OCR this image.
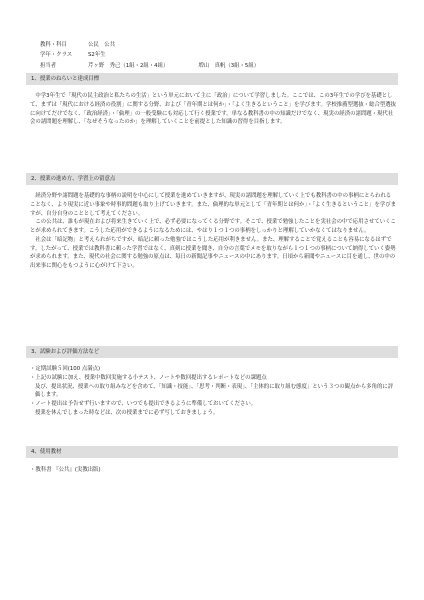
教科・科目	公民　公共
学年・クラス	S2年生
担当者	芹ヶ野　秀己（1組・2組・4組）	増山　真帆（3組・5組）
1、授業のねらいと達成目標

中学3年生で「現代の民主政治と私たちの生活」という単元において主に「政治」について学習しました。ここでは、この3年生での学びを基礎として、まずは「現代における経済の役割」に関する分野、および「青年期とは何か」・「よく生きるということ」を学びます。学校推薦型選抜・総合型選抜に向けてだけでなく、「政治経済」・「倫理」の一般受験にも対応して行く授業です。単なる教科書の中の知識だけでなく、現実の経済の諸問題・現代社会の諸問題を理解し、「なぜそうなったのか」を理解していくことを前提とした知識の習得を目指します。

2、授業の進め方、学習上の留意点

経済分野や諸問題を基礎的な事柄の説明を中心にして授業を進めていきますが、現実の諸問題を理解していく上でも教科書の中の事柄にとらわれることなく、より現実に近い事象や時事的問題も取り上げていきます。また、倫理的な単元として「青年期とは何か」・「よく生きるということ」を学びますが、自分自身のこととして考えてください。

この公共は、誰もが現在および将来生きていく上で、必ず必要になってくる分野です。そこで、授業で勉強したことを実社会の中で応用させていくことが求められてきます。こうした応用ができるようになるためには、やはり１つ１つの事柄をしっかりと理解していかなくてはなりません。

社会は「暗記物」と考えられがちですが、暗記に頼った勉強ではこうした応用が利きません。また、理解することで覚えることも容易になるはずです。したがって、授業では教科書に頼った学習ではなく、真剣に授業を聞き、自分の言葉でメモを取りながら１つ１つの事柄について納得していく姿勢が求められます。また、現代の社会に関する勉強の原点は、毎日の新聞記事やニュースの中にあります。日頃から新聞やニュースに目を通し、世の中の出来事に関心をもつように心がけて下さい。

3、試験および評価方法など
・定期試験５回(100 点満点)
・上記の試験に加え、授業中数回実施する小テスト、ノートや数回提出するレポートなどの課題点
及び、提出状況、授業への取り組みなどを含めて、「知識・技能」、「思考・判断・表現」、「主体的に取り組む態度」という３つの観点から多角的に評価します。
・ノート提出は予告せず行いますので、いつでも提出できるように準備しておいてください。
授業を休んでしまった時などは、次の授業までに必ず写しておきましょう。
4、使用教材
・教科書 『公共』(実教出版)
